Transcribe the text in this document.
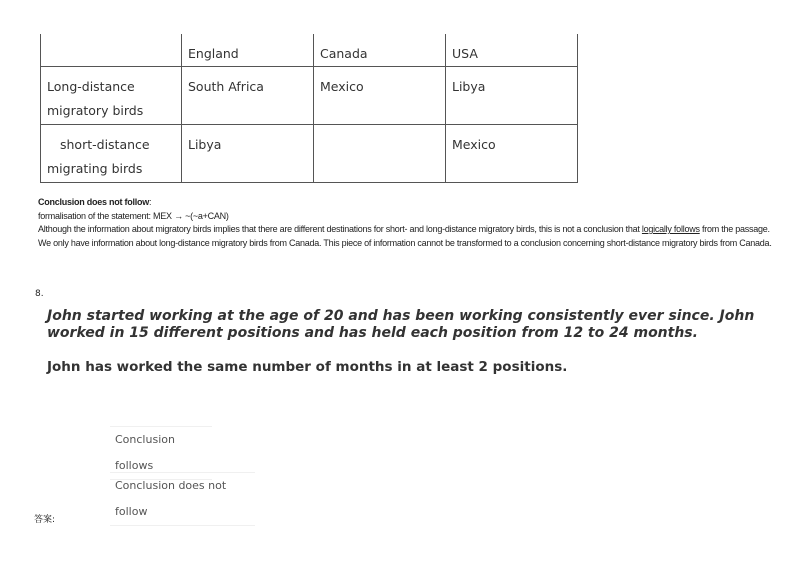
	England	Canada	USA
Long-distance
migratory birds	South Africa	Mexico	Libya
short-distance
migrating birds	Libya		Mexico
Conclusion does not follow:
formalisation of the statement: MEX → ~(~a+CAN)
Although the information about migratory birds implies that there are different destinations for short- and long-distance migratory birds, this is not a conclusion that logically follows from the passage. We only have information about long-distance migratory birds from Canada. This piece of information cannot be transformed to a conclusion concerning short-distance migratory birds from Canada.
8.
John started working at the age of 20 and has been working consistently ever since. John worked in 15 different positions and has held each position from 12 to 24 months.
John has worked the same number of months in at least 2 positions.
Conclusion follows
Conclusion does not follow
答案:
